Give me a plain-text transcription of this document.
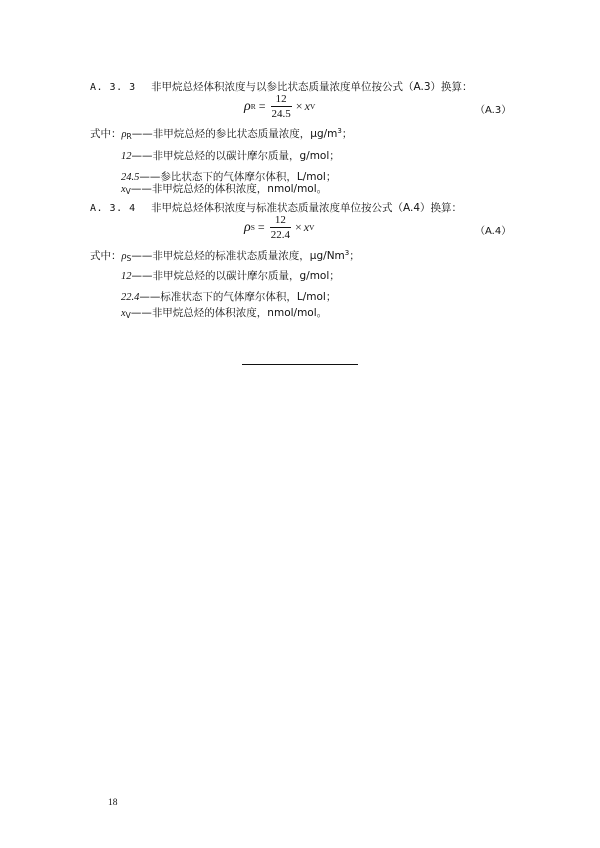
A. 3. 3 非甲烷总烃体积浓度与以参比状态质量浓度单位按公式（A.3）换算：
ρ $R = \frac{12}{24.5} \times x$ V	（A.3）
式中：$\rho_R——$非甲烷总烃的参比状态质量浓度，$\mu g/m^3$；
12——非甲烷总烃的以碳计摩尔质量，g/mol；
24.5——参比状态下的气体摩尔体积，L/mol；
$x_V——$非甲烷总烃的体积浓度，nmol/mol。
A. 3. 4 非甲烷总烃体积浓度与标准状态质量浓度单位按公式（A.4）换算：
ρ $S = \frac{12}{22.4} \times x$ V	（A.4）
式中：$\rho_S——$非甲烷总烃的标准状态质量浓度，μg/Nm$^3$；
12——非甲烷总烃的以碳计摩尔质量，g/mol；
22.4——标准状态下的气体摩尔体积，L/mol；
$x_V——$非甲烷总烃的体积浓度，nmol/mol。
18
